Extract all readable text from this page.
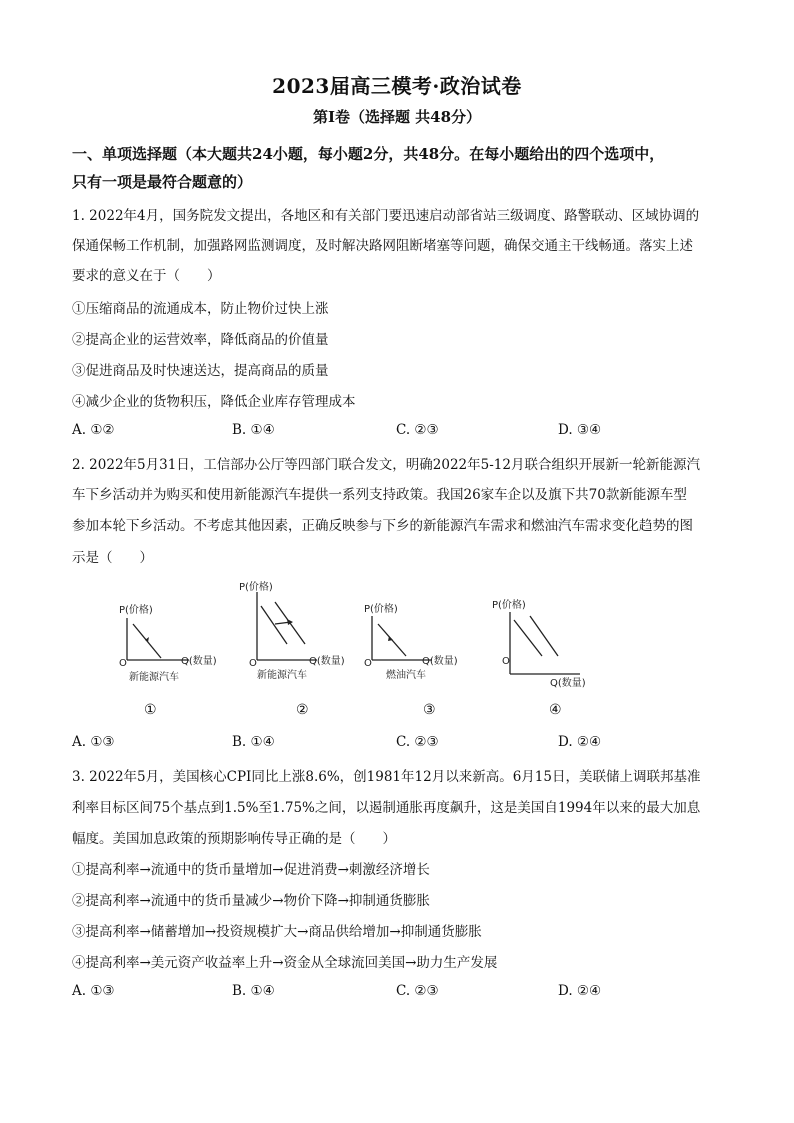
2023届高三模考·政治试卷
第Ⅰ卷（选择题 共48分）
一、单项选择题（本大题共24小题，每小题2分，共48分。在每小题给出的四个选项中，
只有一项是最符合题意的）
1. 2022年4月，国务院发文提出，各地区和有关部门要迅速启动部省站三级调度、路警联动、区域协调的
保通保畅工作机制，加强路网监测调度，及时解决路网阻断堵塞等问题，确保交通主干线畅通。落实上述
要求的意义在于（　　）
①压缩商品的流通成本，防止物价过快上涨
②提高企业的运营效率，降低商品的价值量
③促进商品及时快速送达，提高商品的质量
④减少企业的货物积压，降低企业库存管理成本
A. ①②	B. ①④	C. ②③	D. ③④
2. 2022年5月31日，工信部办公厅等四部门联合发文，明确2022年5-12月联合组织开展新一轮新能源汽
车下乡活动并为购买和使用新能源汽车提供一系列支持政策。我国26家车企以及旗下共70款新能源车型
参加本轮下乡活动。不考虑其他因素，正确反映参与下乡的新能源汽车需求和燃油汽车需求变化趋势的图
示是（　　）
P(价格)
O	Q(数量)
新能源汽车
P(价格)
O	Q(数量)
新能源汽车
P(价格)
O	Q(数量)
燃油汽车
P(价格)
O
Q(数量)
①	②	③	④
A. ①③	B. ①④	C. ②③	D. ②④
3. 2022年5月，美国核心CPI同比上涨8.6%，创1981年12月以来新高。6月15日，美联储上调联邦基准
利率目标区间75个基点到1.5%至1.75%之间，以遏制通胀再度飙升，这是美国自1994年以来的最大加息
幅度。美国加息政策的预期影响传导正确的是（　　）
①提高利率→流通中的货币量增加→促进消费→刺激经济增长
②提高利率→流通中的货币量减少→物价下降→抑制通货膨胀
③提高利率→储蓄增加→投资规模扩大→商品供给增加→抑制通货膨胀
④提高利率→美元资产收益率上升→资金从全球流回美国→助力生产发展
A. ①③	B. ①④	C. ②③	D. ②④
